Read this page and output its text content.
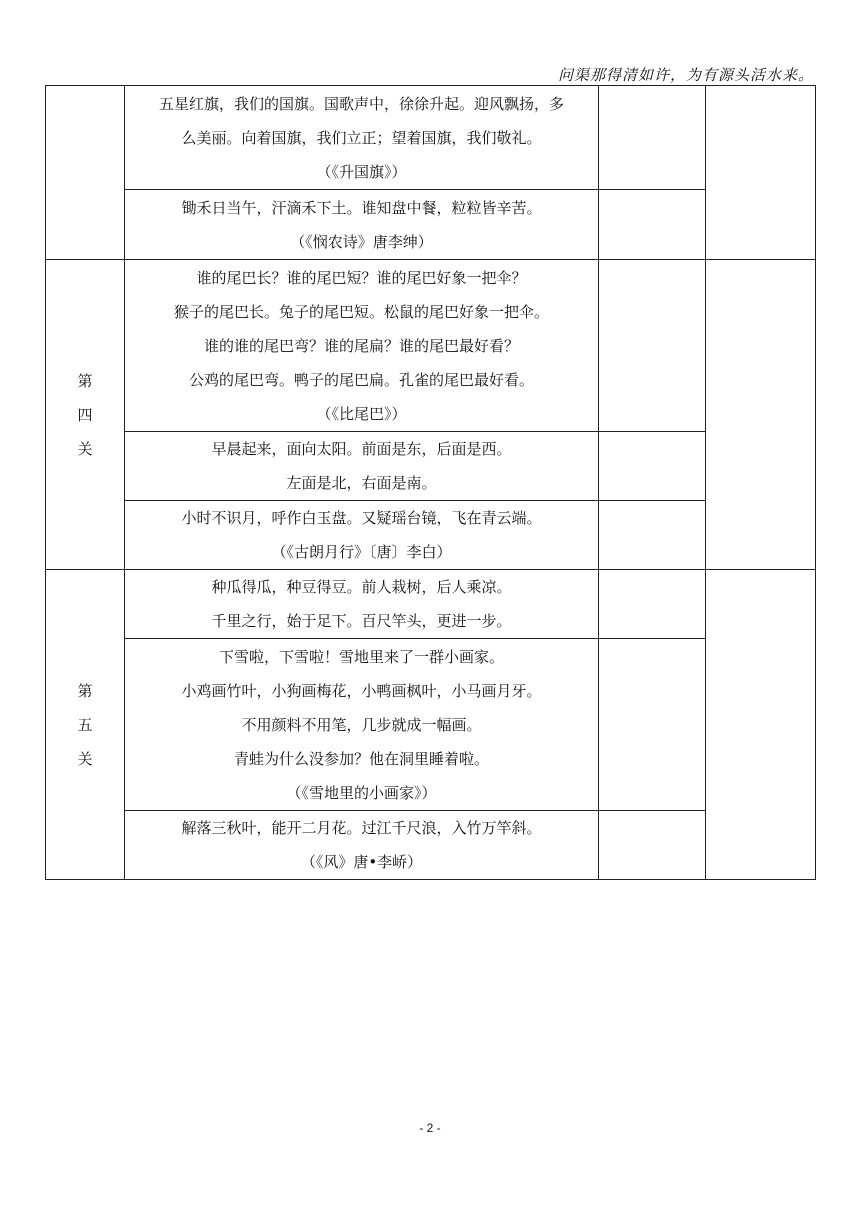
问渠那得清如许，为有源头活水来。

	五星红旗，我们的国旗。国歌声中，徐徐升起。迎风飘扬，多
么美丽。向着国旗，我们立正；望着国旗，我们敬礼。
（《升国旗》）		

	锄禾日当午，汗滴禾下土。谁知盘中餐，粒粒皆辛苦。
（《悯农诗》唐李绅）		

第四关	谁的尾巴长？谁的尾巴短？谁的尾巴好象一把伞？
猴子的尾巴长。兔子的尾巴短。松鼠的尾巴好象一把伞。
谁的谁的尾巴弯？谁的尾扁？谁的尾巴最好看？
公鸡的尾巴弯。鸭子的尾巴扁。孔雀的尾巴最好看。
（《比尾巴》）		

	早晨起来，面向太阳。前面是东，后面是西。
左面是北，右面是南。		

	小时不识月，呼作白玉盘。又疑瑶台镜，飞在青云端。
（《古朗月行》〔唐〕李白）		

第五关	种瓜得瓜，种豆得豆。前人栽树，后人乘凉。
千里之行，始于足下。百尺竿头，更进一步。		

	下雪啦，下雪啦！雪地里来了一群小画家。
小鸡画竹叶，小狗画梅花，小鸭画枫叶，小马画月牙。
不用颜料不用笔，几步就成一幅画。
青蛙为什么没参加？他在洞里睡着啦。
（《雪地里的小画家》）		

	解落三秋叶，能开二月花。过江千尺浪，入竹万竿斜。
（《风》唐•李峤）		

- 2 -
